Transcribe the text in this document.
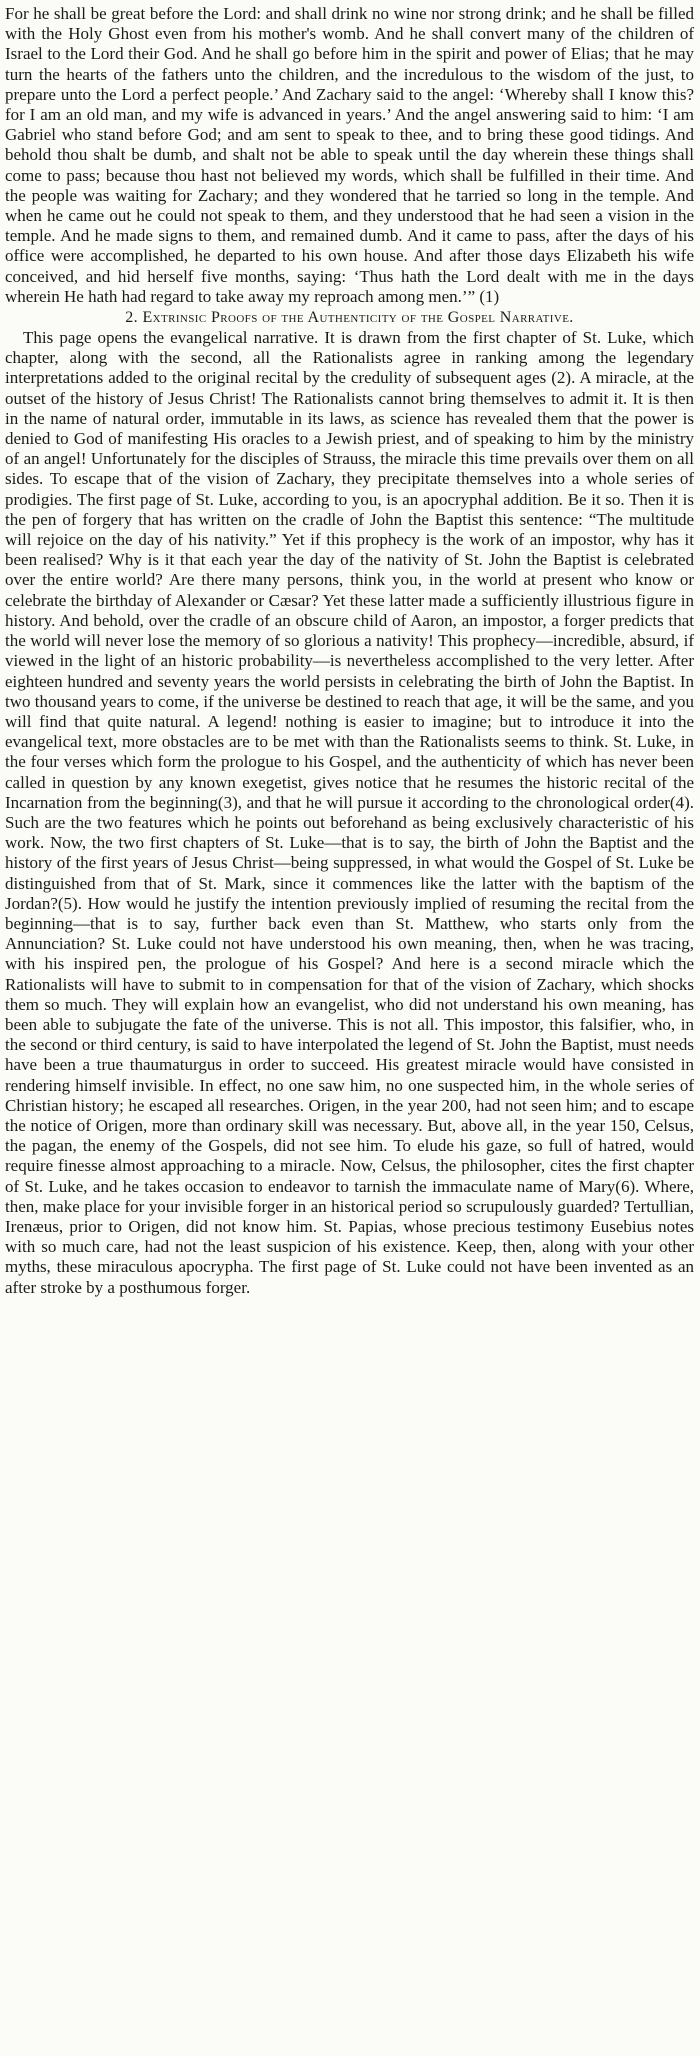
For he shall be great before the Lord: and shall drink no wine nor strong drink; and he shall be filled with the Holy Ghost even from his mother's womb. And he shall convert many of the children of Israel to the Lord their God. And he shall go before him in the spirit and power of Elias; that he may turn the hearts of the fathers unto the children, and the incredulous to the wisdom of the just, to prepare unto the Lord a perfect people.’ And Zachary said to the angel: ‘Whereby shall I know this? for I am an old man, and my wife is advanced in years.’ And the angel answering said to him: ‘I am Gabriel who stand before God; and am sent to speak to thee, and to bring these good tidings. And behold thou shalt be dumb, and shalt not be able to speak until the day wherein these things shall come to pass; because thou hast not believed my words, which shall be fulfilled in their time. And the people was waiting for Zachary; and they wondered that he tarried so long in the temple. And when he came out he could not speak to them, and they understood that he had seen a vision in the temple. And he made signs to them, and remained dumb. And it came to pass, after the days of his office were accomplished, he departed to his own house. And after those days Elizabeth his wife conceived, and hid herself five months, saying: ‘Thus hath the Lord dealt with me in the days wherein He hath had regard to take away my reproach among men.’” (1)

2. Extrinsic Proofs of the Authenticity of the Gospel Narrative.

This page opens the evangelical narrative. It is drawn from the first chapter of St. Luke, which chapter, along with the second, all the Rationalists agree in ranking among the legendary interpretations added to the original recital by the credulity of subsequent ages (2). A miracle, at the outset of the history of Jesus Christ! The Rationalists cannot bring themselves to admit it. It is then in the name of natural order, immutable in its laws, as science has revealed them that the power is denied to God of manifesting His oracles to a Jewish priest, and of speaking to him by the ministry of an angel! Unfortunately for the disciples of Strauss, the miracle this time prevails over them on all sides. To escape that of the vision of Zachary, they precipitate themselves into a whole series of prodigies. The first page of St. Luke, according to you, is an apocryphal addition. Be it so. Then it is the pen of forgery that has written on the cradle of John the Baptist this sentence: “The multitude will rejoice on the day of his nativity.” Yet if this prophecy is the work of an impostor, why has it been realised? Why is it that each year the day of the nativity of St. John the Baptist is celebrated over the entire world? Are there many persons, think you, in the world at present who know or celebrate the birthday of Alexander or Cæsar? Yet these latter made a sufficiently illustrious figure in history. And behold, over the cradle of an obscure child of Aaron, an impostor, a forger predicts that the world will never lose the memory of so glorious a nativity! This prophecy—incredible, absurd, if viewed in the light of an historic probability—is nevertheless accomplished to the very letter. After eighteen hundred and seventy years the world persists in celebrating the birth of John the Baptist. In two thousand years to come, if the universe be destined to reach that age, it will be the same, and you will find that quite natural. A legend! nothing is easier to imagine; but to introduce it into the evangelical text, more obstacles are to be met with than the Rationalists seems to think. St. Luke, in the four verses which form the prologue to his Gospel, and the authenticity of which has never been called in question by any known exegetist, gives notice that he resumes the historic recital of the Incarnation from the beginning(3), and that he will pursue it according to the chronological order(4). Such are the two features which he points out beforehand as being exclusively characteristic of his work. Now, the two first chapters of St. Luke—that is to say, the birth of John the Baptist and the history of the first years of Jesus Christ—being suppressed, in what would the Gospel of St. Luke be distinguished from that of St. Mark, since it commences like the latter with the baptism of the Jordan?(5). How would he justify the intention previously implied of resuming the recital from the beginning—that is to say, further back even than St. Matthew, who starts only from the Annunciation? St. Luke could not have understood his own meaning, then, when he was tracing, with his inspired pen, the prologue of his Gospel? And here is a second miracle which the Rationalists will have to submit to in compensation for that of the vision of Zachary, which shocks them so much. They will explain how an evangelist, who did not understand his own meaning, has been able to subjugate the fate of the universe. This is not all. This impostor, this falsifier, who, in the second or third century, is said to have interpolated the legend of St. John the Baptist, must needs have been a true thaumaturgus in order to succeed. His greatest miracle would have consisted in rendering himself invisible. In effect, no one saw him, no one suspected him, in the whole series of Christian history; he escaped all researches. Origen, in the year 200, had not seen him; and to escape the notice of Origen, more than ordinary skill was necessary. But, above all, in the year 150, Celsus, the pagan, the enemy of the Gospels, did not see him. To elude his gaze, so full of hatred, would require finesse almost approaching to a miracle. Now, Celsus, the philosopher, cites the first chapter of St. Luke, and he takes occasion to endeavor to tarnish the immaculate name of Mary(6). Where, then, make place for your invisible forger in an historical period so scrupulously guarded? Tertullian, Irenæus, prior to Origen, did not know him. St. Papias, whose precious testimony Eusebius notes with so much care, had not the least suspicion of his existence. Keep, then, along with your other myths, these miraculous apocrypha. The first page of St. Luke could not have been invented as an after stroke by a posthumous forger.
